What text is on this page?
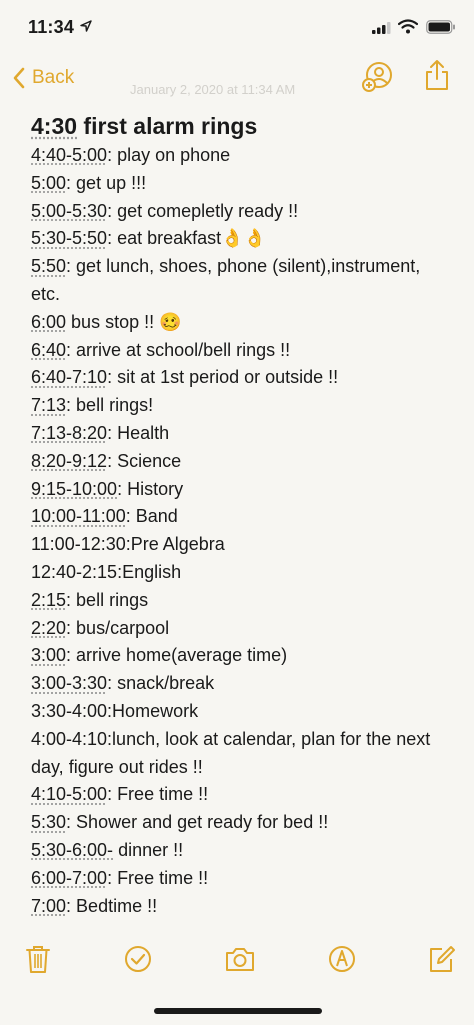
11:34
Back
January 2, 2020 at 11:34 AM
4:30 first alarm rings
4:40-5:00: play on phone
5:00: get up !!!
5:00-5:30: get comepletly ready !!
5:30-5:50: eat breakfast👌👌
5:50: get lunch, shoes, phone (silent),instrument, etc.
6:00 bus stop !! 🥴
6:40: arrive at school/bell rings !!
6:40-7:10: sit at 1st period or outside !!
7:13: bell rings!
7:13-8:20: Health
8:20-9:12: Science
9:15-10:00: History
10:00-11:00: Band
11:00-12:30:Pre Algebra
12:40-2:15:English
2:15: bell rings
2:20: bus/carpool
3:00: arrive home(average time)
3:00-3:30: snack/break
3:30-4:00:Homework
4:00-4:10:lunch, look at calendar, plan for the next day, figure out rides !!
4:10-5:00: Free time !!
5:30: Shower and get ready for bed !!
5:30-6:00- dinner !!
6:00-7:00: Free time !!
7:00: Bedtime !!
